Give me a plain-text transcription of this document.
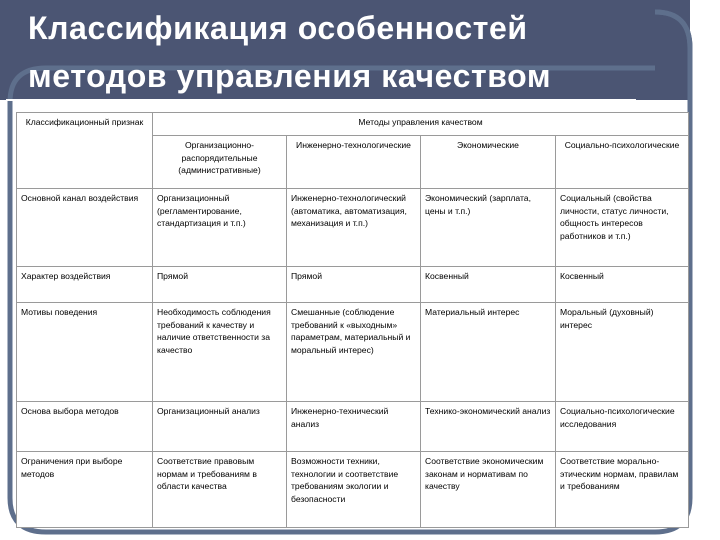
Классификация особенностей
методов управления качеством
Классификационный признак	Методы управления качеством			
	Организационно-распорядительные (административные)	Инженерно-технологические	Экономические	Социально-психологические
Основной канал воздействия	Организационный (регламентирование, стандартизация и т.п.)	Инженерно-технологический (автоматика, автоматизация, механизация и т.п.)	Экономический (зарплата, цены и т.п.)	Социальный (свойства личности, статус личности, общность интересов работников и т.п.)
Характер воздействия	Прямой	Прямой	Косвенный	Косвенный
Мотивы поведения	Необходимость соблюдения требований к качеству и наличие ответственности за качество	Смешанные (соблюдение требований к «выходным» параметрам, материальный и моральный интерес)	Материальный интерес	Моральный (духовный) интерес
Основа выбора методов	Организационный анализ	Инженерно-технический анализ	Технико-экономический анализ	Социально-психологические исследования
Ограничения при выборе методов	Соответствие правовым нормам и требованиям в области качества	Возможности техники, технологии и соответствие требованиям экологии и безопасности	Соответствие экономическим законам и нормативам по качеству	Соответствие морально-этическим нормам, правилам и требованиям
